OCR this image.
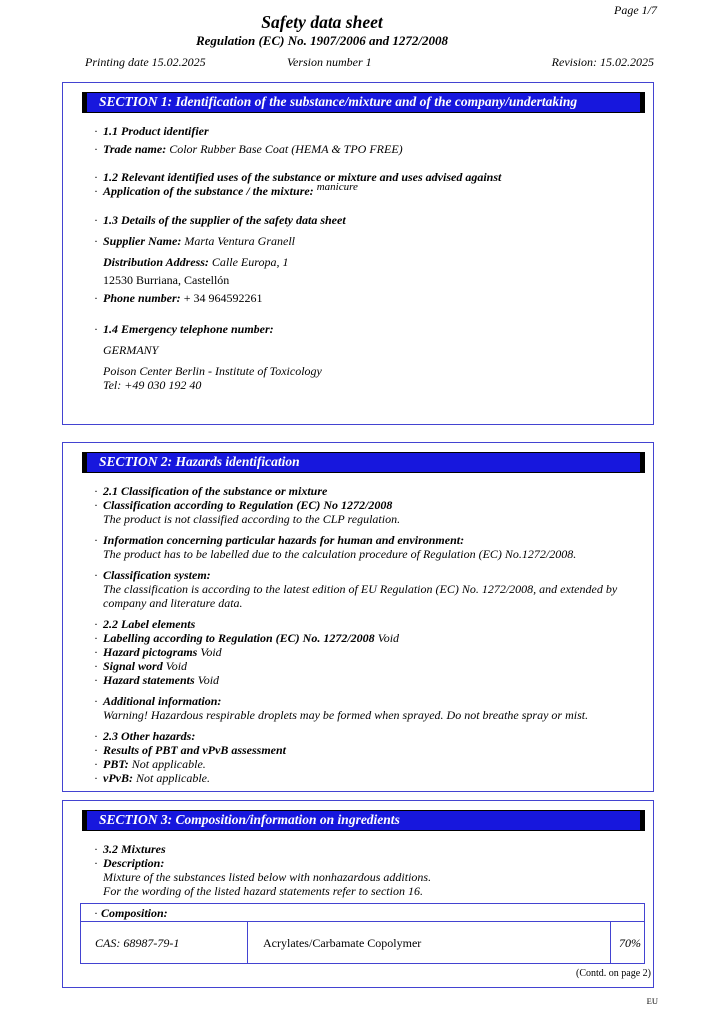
Page 1/7
Safety data sheet
Regulation (EC) No. 1907/2006 and 1272/2008
Printing date 15.02.2025	Version number 1	Revision: 15.02.2025
SECTION 1: Identification of the substance/mixture and of the company/undertaking

· 1.1 Product identifier

· Trade name: Color Rubber Base Coat (HEMA & TPO FREE)

· 1.2 Relevant identified uses of the substance or mixture and uses advised against

· Application of the substance / the mixture: manicure

· 1.3 Details of the supplier of the safety data sheet

· Supplier Name: Marta Ventura Granell

Distribution Address: Calle Europa, 1

12530 Burriana, Castellón

· Phone number: + 34 964592261

· 1.4 Emergency telephone number:

GERMANY

Poison Center Berlin - Institute of Toxicology

Tel: +49 030 192 40

SECTION 2: Hazards identification

· 2.1 Classification of the substance or mixture

· Classification according to Regulation (EC) No 1272/2008

The product is not classified according to the CLP regulation.

· Information concerning particular hazards for human and environment:

The product has to be labelled due to the calculation procedure of Regulation (EC) No.1272/2008.

· Classification system:

The classification is according to the latest edition of EU Regulation (EC) No. 1272/2008, and extended by

company and literature data.

· 2.2 Label elements

· Labelling according to Regulation (EC) No. 1272/2008 Void

· Hazard pictograms Void

· Signal word Void

· Hazard statements Void

· Additional information:

Warning! Hazardous respirable droplets may be formed when sprayed. Do not breathe spray or mist.

· 2.3 Other hazards:

· Results of PBT and vPvB assessment

· PBT: Not applicable.

· vPvB: Not applicable.

SECTION 3: Composition/information on ingredients

· 3.2 Mixtures

· Description:

Mixture of the substances listed below with nonhazardous additions.

For the wording of the listed hazard statements refer to section 16.

· Composition:
CAS: 68987-79-1	Acrylates/Carbamate Copolymer	70%
(Contd. on page 2)
EU
